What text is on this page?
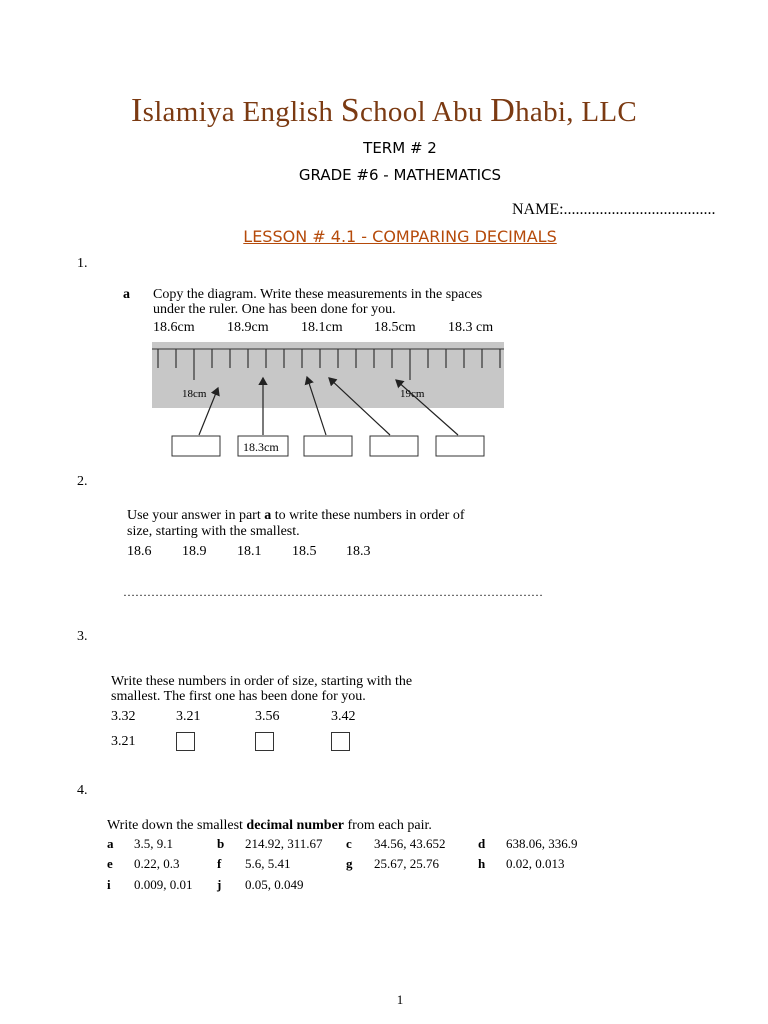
Islamiya English School Abu Dhabi, LLC
TERM # 2
GRADE #6 - MATHEMATICS
NAME:......................................
LESSON # 4.1 - COMPARING DECIMALS
1.
a Copy the diagram. Write these measurements in the spaces
under the ruler. One has been done for you.
18.6cm 18.9cm 18.1cm 18.5cm 18.3 cm
18cm	19cm
18.3cm
2.
Use your answer in part a to write these numbers in order of
size, starting with the smallest.
18.6 18.9 18.1 18.5 18.3
……………………………………………………………………………………………
3.
Write these numbers in order of size, starting with the
smallest. The first one has been done for you.
3.32	3.21	3.56	3.42
3.21
4.
Write down the smallest decimal number from each pair.
a 3.5, 9.1	b 214.92, 311.67 c 34.56, 43.652	d 638.06, 336.9
e 0.22, 0.3	f 5.6, 5.41	g 25.67, 25.76	h 0.02, 0.013
i 0.009, 0.01 j 0.05, 0.049
1
